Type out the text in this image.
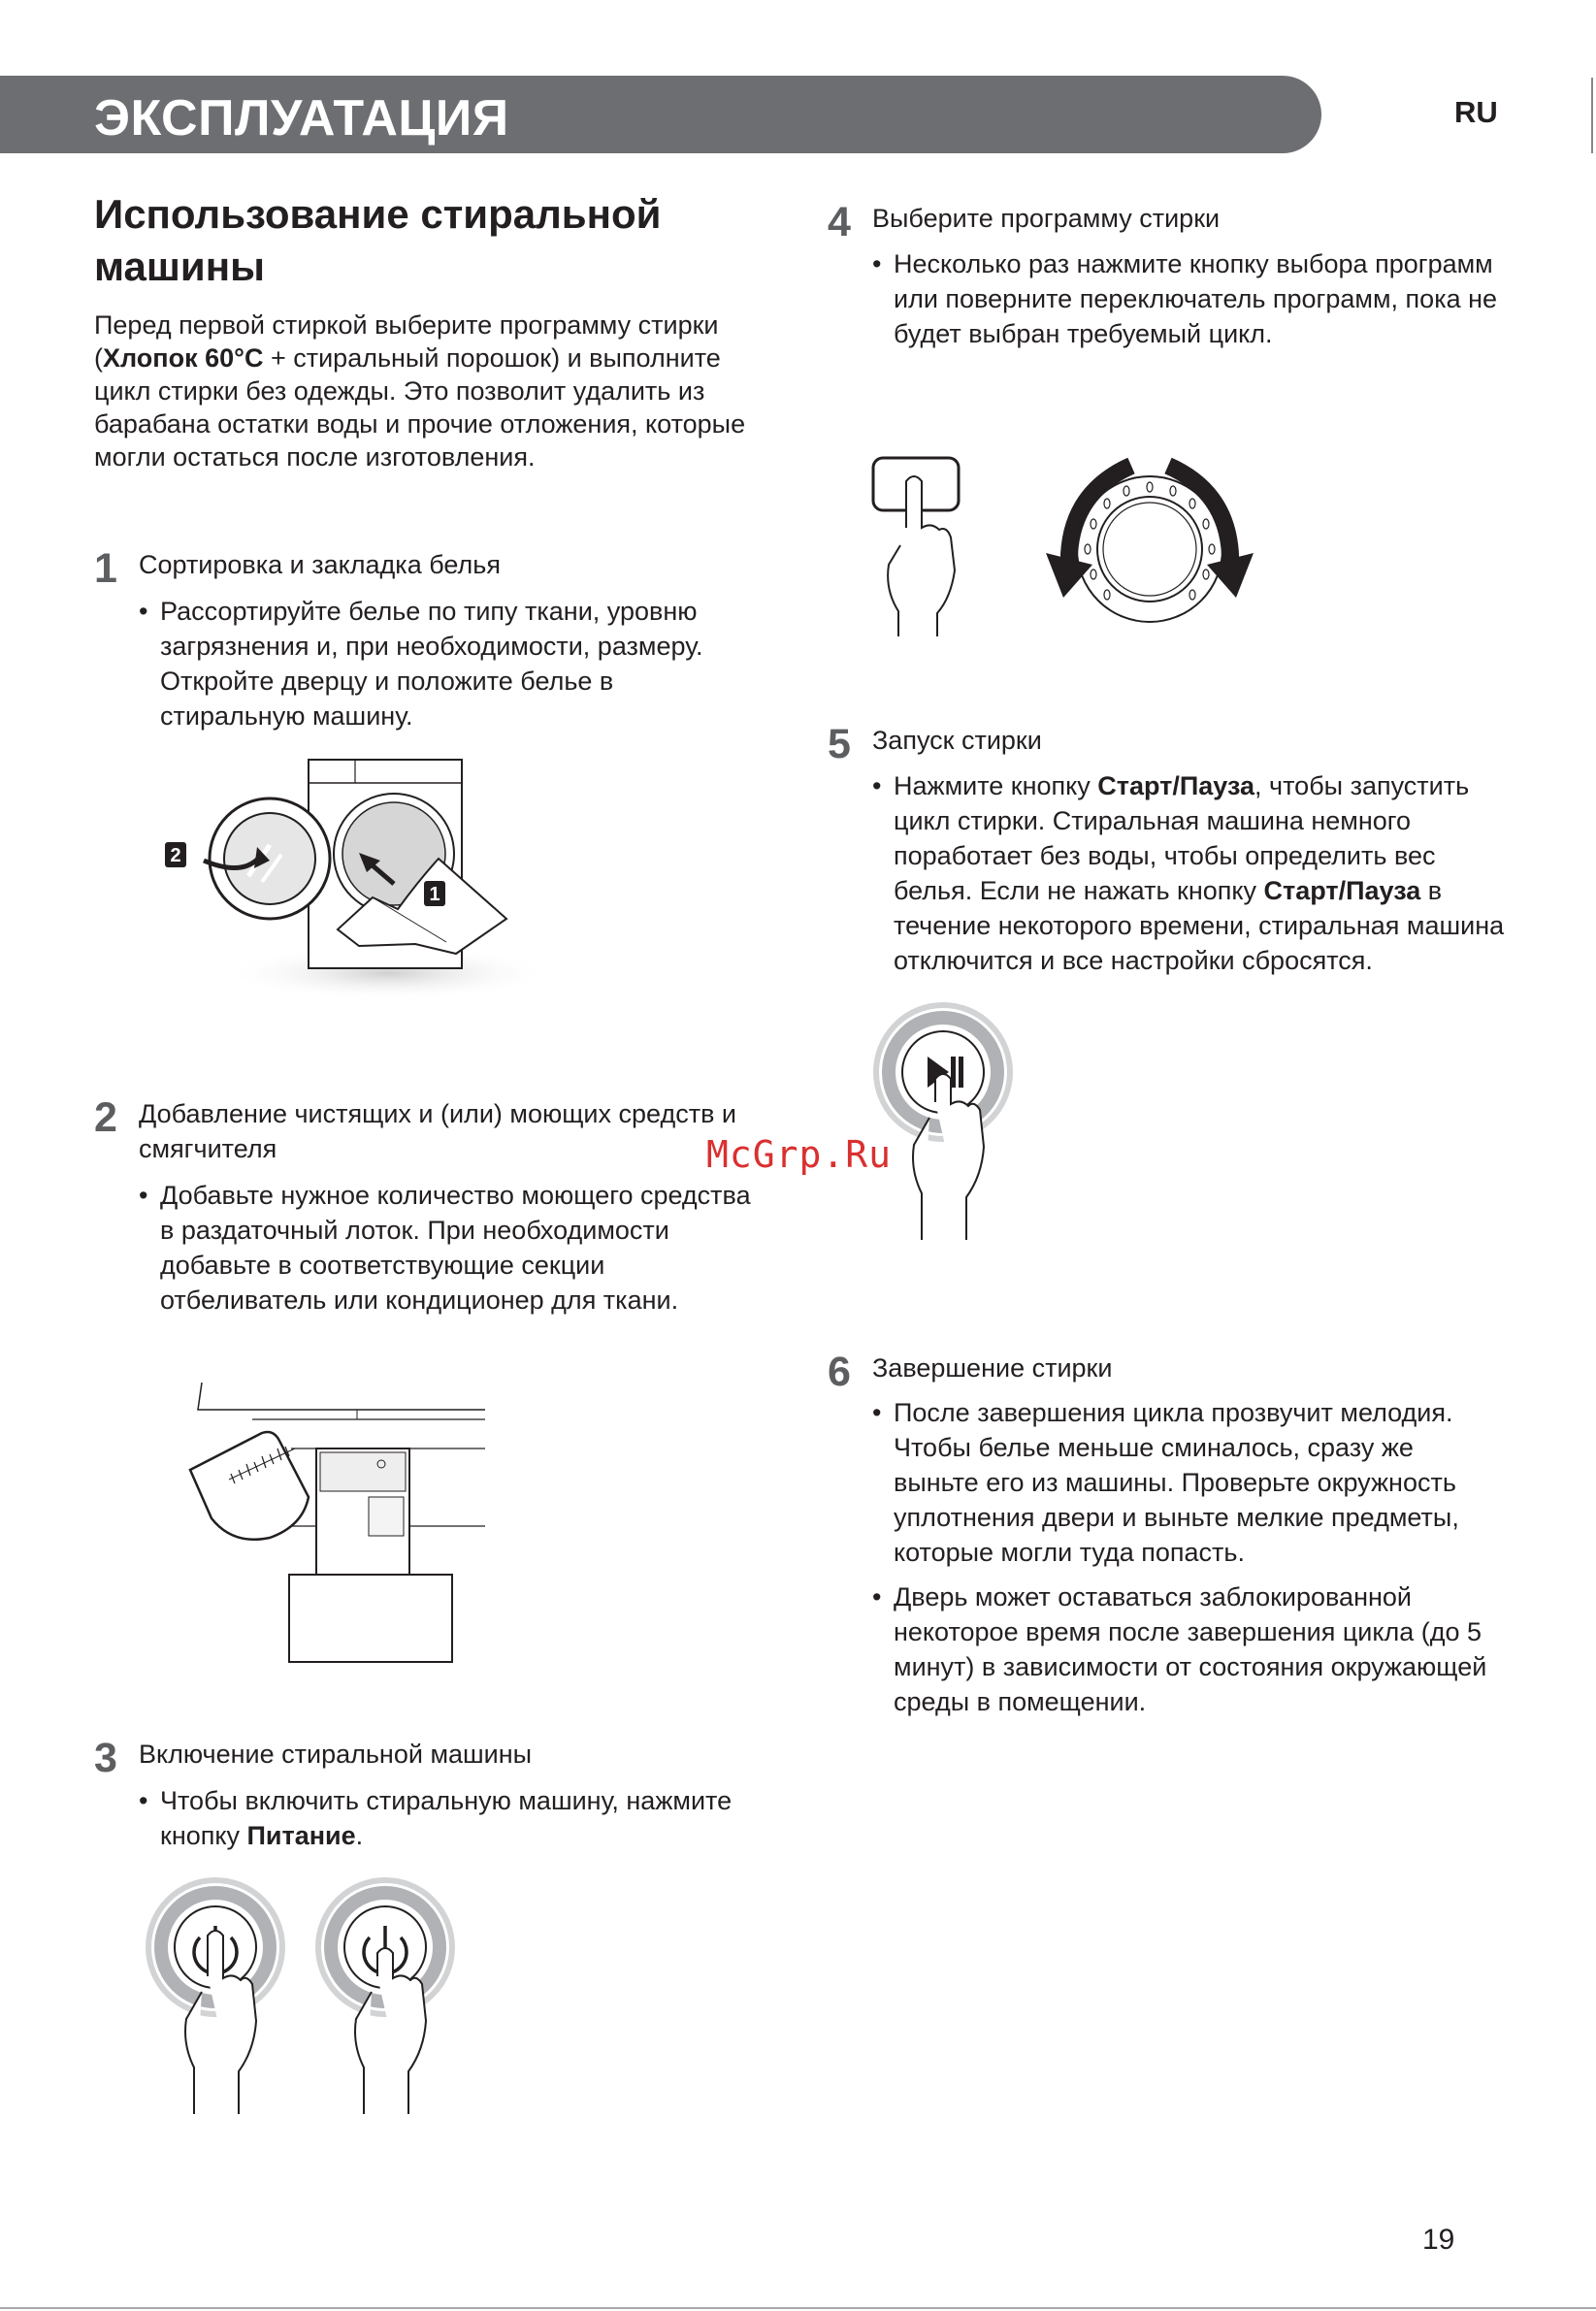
ЭКСПЛУАТАЦИЯ	RU
Использование стиральной машины
Перед первой стиркой выберите программу стирки (Хлопок 60°C + стиральный порошок) и выполните цикл стирки без одежды. Это позволит удалить из барабана остатки воды и прочие отложения, которые могли остаться после изготовления.
1 Сортировка и закладка белья
• Рассортируйте белье по типу ткани, уровню загрязнения и, при необходимости, размеру. Откройте дверцу и положите белье в стиральную машину.
2
1
2 Добавление чистящих и (или) моющих средств и смягчителя
• Добавьте нужное количество моющего средства в раздаточный лоток. При необходимости добавьте в соответствующие секции отбеливатель или кондиционер для ткани.
3 Включение стиральной машины
• Чтобы включить стиральную машину, нажмите кнопку Питание.
4 Выберите программу стирки
• Несколько раз нажмите кнопку выбора программ или поверните переключатель программ, пока не будет выбран требуемый цикл.
5 Запуск стирки
• Нажмите кнопку Старт/Пауза, чтобы запустить цикл стирки. Стиральная машина немного поработает без воды, чтобы определить вес белья. Если не нажать кнопку Старт/Пауза в течение некоторого времени, стиральная машина отключится и все настройки сбросятся.
McGrp.Ru
6 Завершение стирки
• После завершения цикла прозвучит мелодия. Чтобы белье меньше сминалось, сразу же выньте его из машины. Проверьте окружность уплотнения двери и выньте мелкие предметы, которые могли туда попасть.
• Дверь может оставаться заблокированной некоторое время после завершения цикла (до 5 минут) в зависимости от состояния окружающей среды в помещении.
19
